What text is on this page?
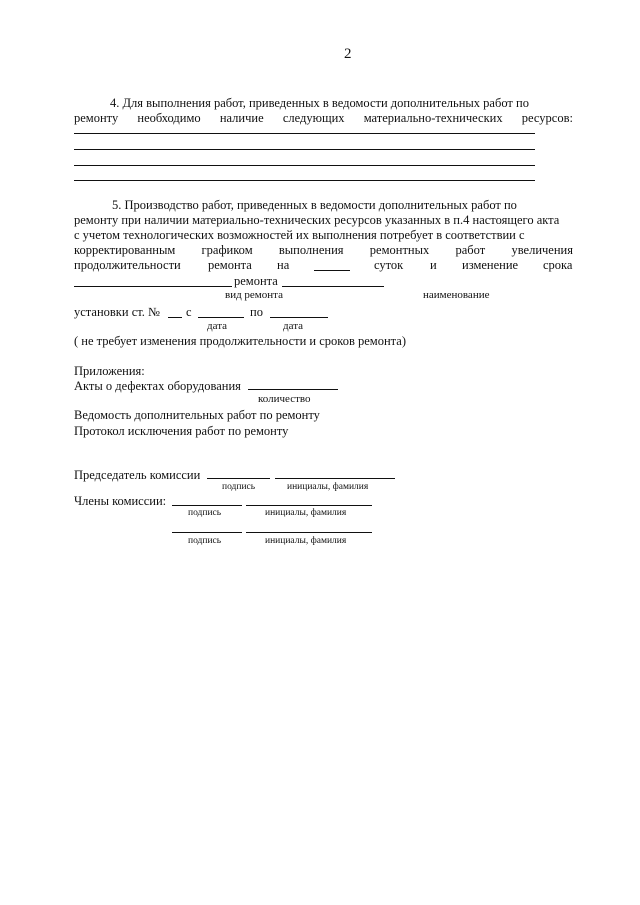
2
4. Для выполнения работ, приведенных в ведомости дополнительных работ по
ремонту необходимо наличие следующих материально-технических ресурсов:
5. Производство работ, приведенных в ведомости дополнительных работ по
ремонту при наличии материально-технических ресурсов указанных в п.4 настоящего акта
с учетом технологических возможностей их выполнения потребует в соответствии с
корректированным графиком выполнения ремонтных работ увеличения
продолжительности ремонта на	суток и изменение срока
ремонта
вид ремонта	наименование
установки ст. № с	по
дата	дата
( не требует изменения продолжительности и сроков ремонта)
Приложения:
Акты о дефектах оборудования
количество
Ведомость дополнительных работ по ремонту
Протокол исключения работ по ремонту
Председатель комиссии
подпись	инициалы, фамилия
Члены комиссии:
подпись	инициалы, фамилия
подпись	инициалы, фамилия
